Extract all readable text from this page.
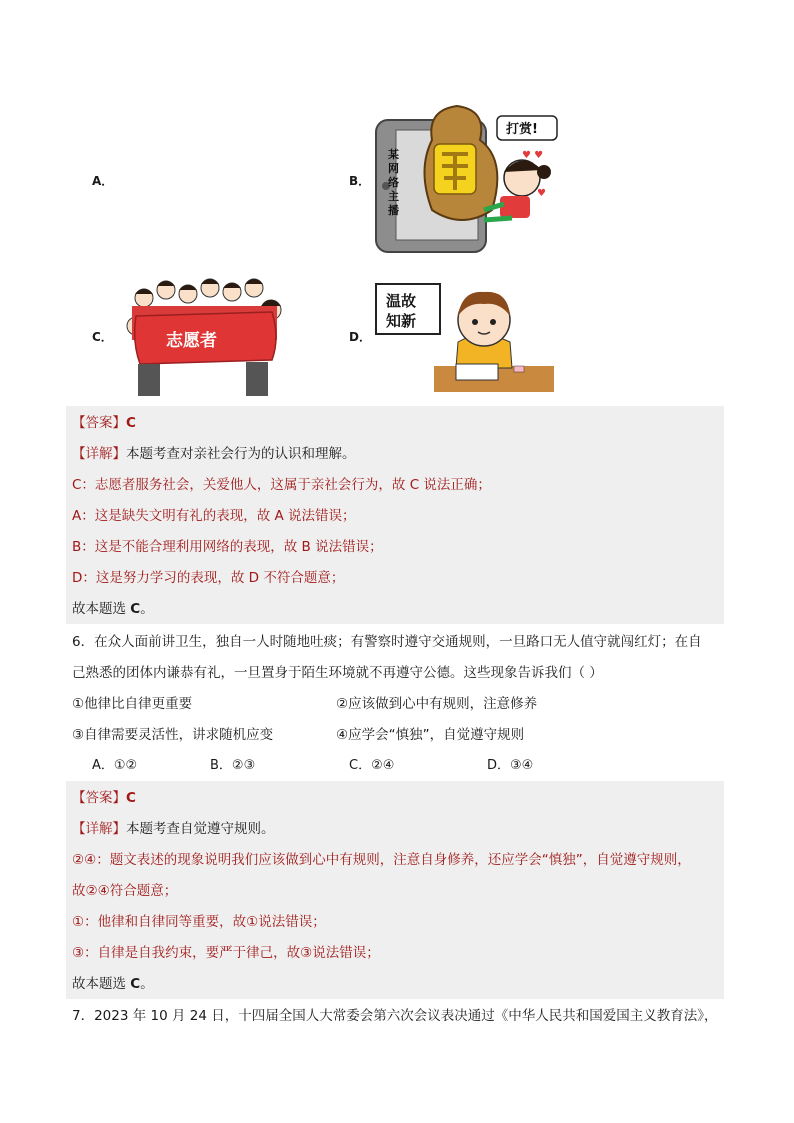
A．	B．
C．	D．
打赏!
♥ ♥
♥
某
网
络
主
播
志愿者
温故
知新
【答案】C
【详解】本题考查对亲社会行为的认识和理解。
C：志愿者服务社会，关爱他人，这属于亲社会行为，故 C 说法正确；
A：这是缺失文明有礼的表现，故 A 说法错误；
B：这是不能合理利用网络的表现，故 B 说法错误；
D：这是努力学习的表现，故 D 不符合题意；
故本题选 C。
6．在众人面前讲卫生，独自一人时随地吐痰；有警察时遵守交通规则，一旦路口无人值守就闯红灯；在自
己熟悉的团体内谦恭有礼，一旦置身于陌生环境就不再遵守公德。这些现象告诉我们（ ）
①他律比自律更重要	②应该做到心中有规则，注意修养
③自律需要灵活性，讲求随机应变	④应学会“慎独”，自觉遵守规则
A．①②	B．②③	C．②④	D．③④
【答案】C
【详解】本题考查自觉遵守规则。
②④：题文表述的现象说明我们应该做到心中有规则，注意自身修养，还应学会“慎独”，自觉遵守规则，
故②④符合题意；
①：他律和自律同等重要，故①说法错误；
③：自律是自我约束，要严于律己，故③说法错误；
故本题选 C。
7．2023 年 10 月 24 日，十四届全国人大常委会第六次会议表决通过《中华人民共和国爱国主义教育法》，
